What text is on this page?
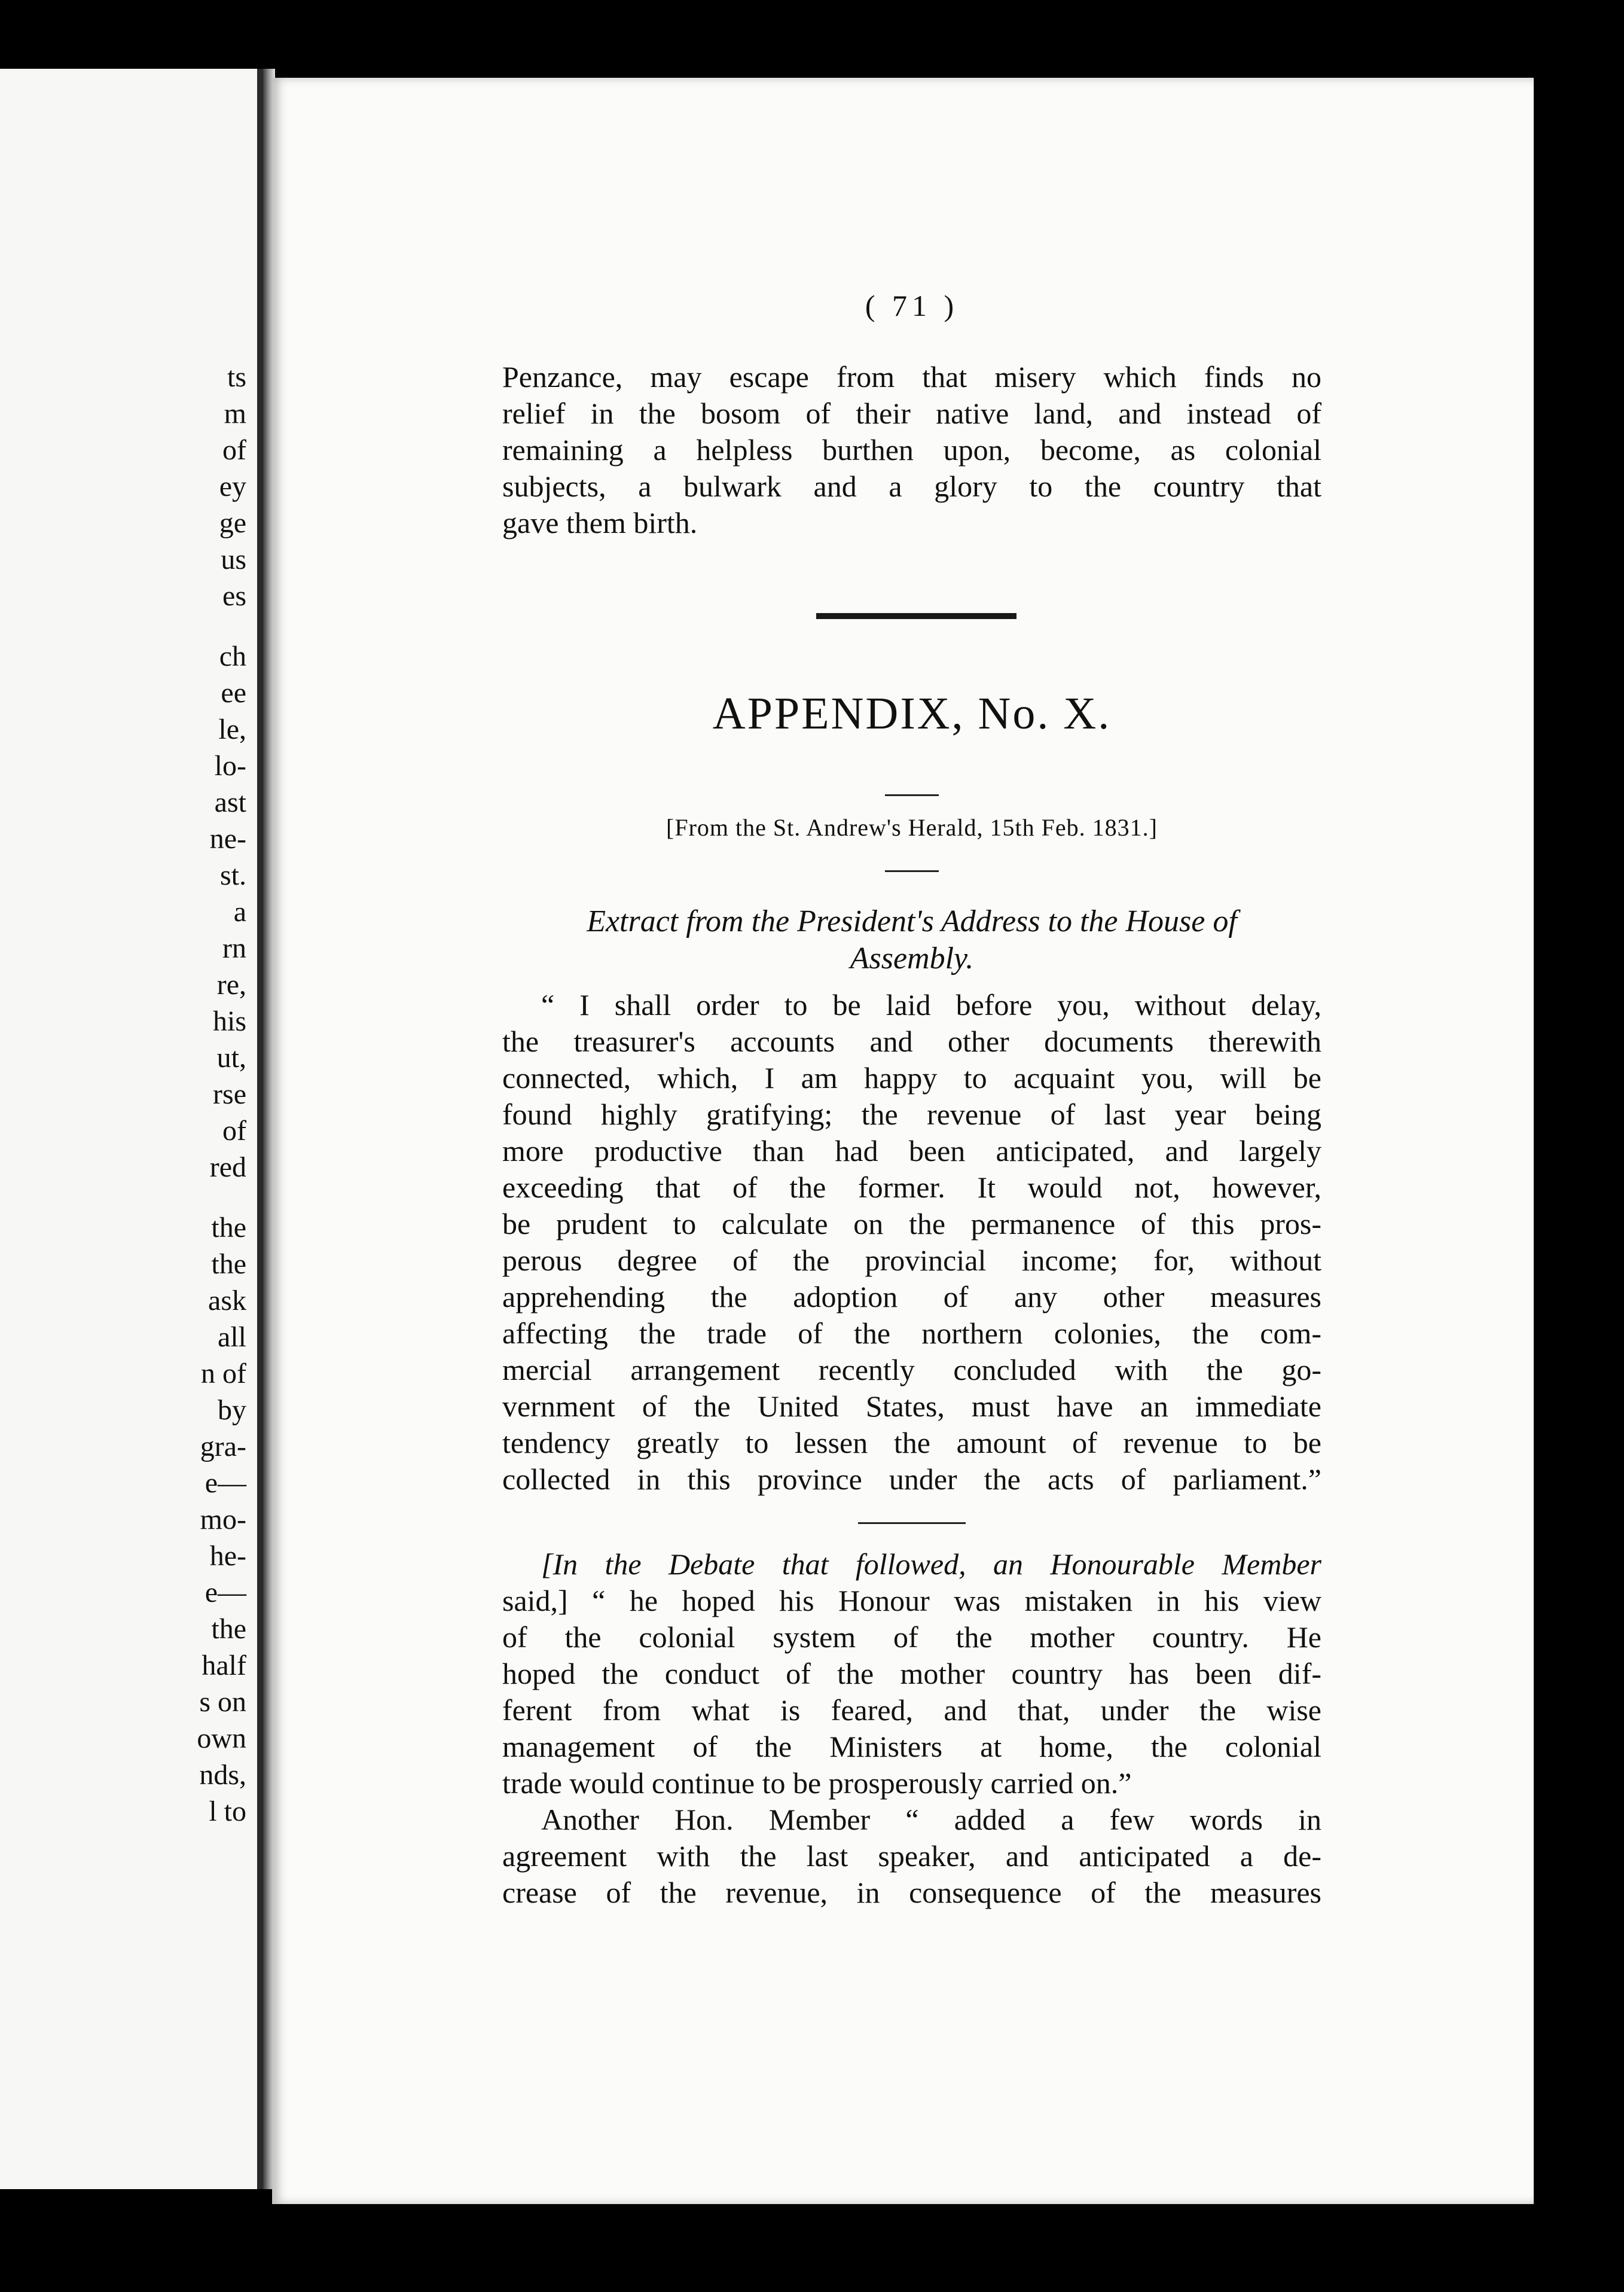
ts
m
of
ey
ge
us
es
ch
ee
le,
lo-
ast
ne-
st.
a
rn
re,
his
ut,
rse
of
red
the
the
ask
all
n of
by
gra-
e—
mo-
he-
e—
the
half
s on
own
nds,
l to
( 71 )
Penzance, may escape from that misery which finds no
relief in the bosom of their native land, and instead of
remaining a helpless burthen upon, become, as colonial
subjects, a bulwark and a glory to the country that
gave them birth.
APPENDIX, No. X.
[From the St. Andrew's Herald, 15th Feb. 1831.]
Extract from the President's Address to the House of
Assembly.
“ I shall order to be laid before you, without delay,
the treasurer's accounts and other documents therewith
connected, which, I am happy to acquaint you, will be
found highly gratifying; the revenue of last year being
more productive than had been anticipated, and largely
exceeding that of the former. It would not, however,
be prudent to calculate on the permanence of this pros-
perous degree of the provincial income; for, without
apprehending the adoption of any other measures
affecting the trade of the northern colonies, the com-
mercial arrangement recently concluded with the go-
vernment of the United States, must have an immediate
tendency greatly to lessen the amount of revenue to be
collected in this province under the acts of parliament.”
[In the Debate that followed, an Honourable Member
said,] “ he hoped his Honour was mistaken in his view
of the colonial system of the mother country. He
hoped the conduct of the mother country has been dif-
ferent from what is feared, and that, under the wise
management of the Ministers at home, the colonial
trade would continue to be prosperously carried on.”
Another Hon. Member “ added a few words in
agreement with the last speaker, and anticipated a de-
crease of the revenue, in consequence of the measures
